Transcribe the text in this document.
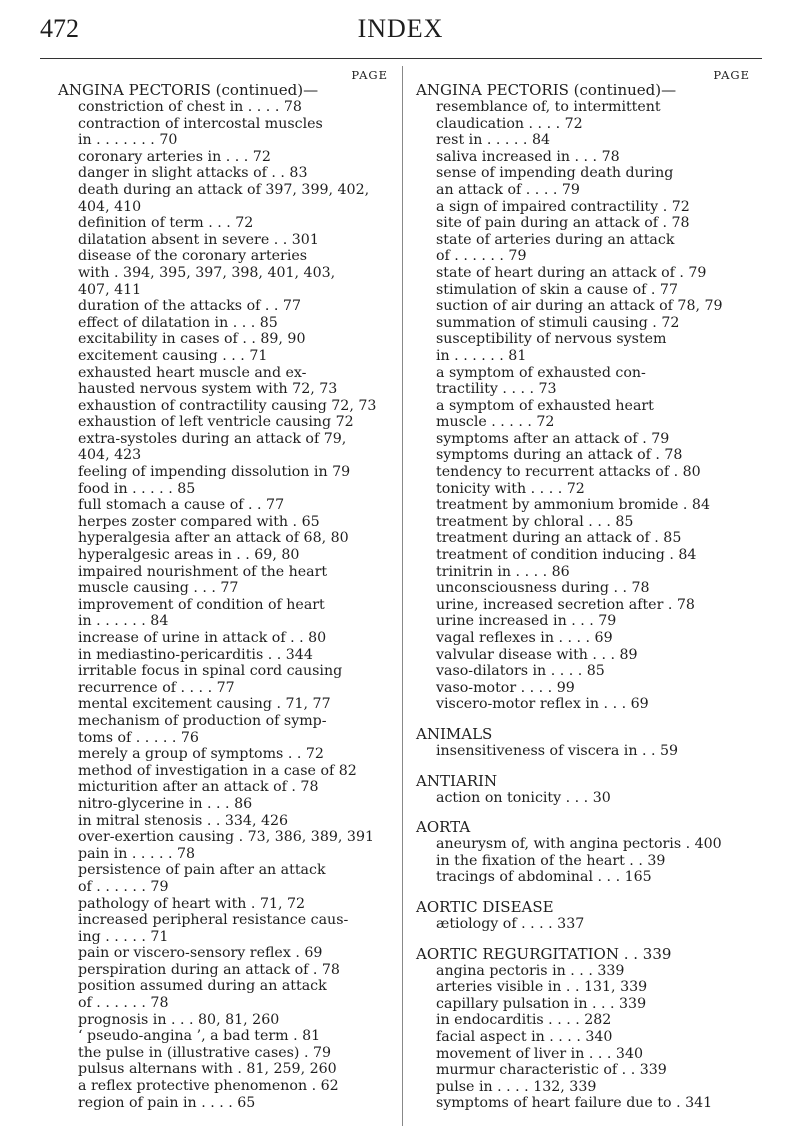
472	INDEX
PAGE
ANGINA PECTORIS (continued)—
constriction of chest in . . . . 78
contraction of intercostal muscles
in . . . . . . . 70
coronary arteries in . . . 72
danger in slight attacks of . . 83
death during an attack of 397, 399, 402,
404, 410
definition of term . . . 72
dilatation absent in severe . . 301
disease of the coronary arteries
with . 394, 395, 397, 398, 401, 403,
407, 411
duration of the attacks of . . 77
effect of dilatation in . . . 85
excitability in cases of . . 89, 90
excitement causing . . . 71
exhausted heart muscle and ex-
hausted nervous system with 72, 73
exhaustion of contractility causing 72, 73
exhaustion of left ventricle causing 72
extra-systoles during an attack of 79,
404, 423
feeling of impending dissolution in 79
food in . . . . . 85
full stomach a cause of . . 77
herpes zoster compared with . 65
hyperalgesia after an attack of 68, 80
hyperalgesic areas in . . 69, 80
impaired nourishment of the heart
muscle causing . . . 77
improvement of condition of heart
in . . . . . . 84
increase of urine in attack of . . 80
in mediastino-pericarditis . . 344
irritable focus in spinal cord causing
recurrence of . . . . 77
mental excitement causing . 71, 77
mechanism of production of symp-
toms of . . . . . 76
merely a group of symptoms . . 72
method of investigation in a case of 82
micturition after an attack of . 78
nitro-glycerine in . . . 86
in mitral stenosis . . 334, 426
over-exertion causing . 73, 386, 389, 391
pain in . . . . . 78
persistence of pain after an attack
of . . . . . . 79
pathology of heart with . 71, 72
increased peripheral resistance caus-
ing . . . . . 71
pain or viscero-sensory reflex . 69
perspiration during an attack of . 78
position assumed during an attack
of . . . . . . 78
prognosis in . . . 80, 81, 260
‘ pseudo-angina ’, a bad term . 81
the pulse in (illustrative cases) . 79
pulsus alternans with . 81, 259, 260
a reflex protective phenomenon . 62
region of pain in . . . . 65
PAGE
ANGINA PECTORIS (continued)—
resemblance of, to intermittent
claudication . . . . 72
rest in . . . . . 84
saliva increased in . . . 78
sense of impending death during
an attack of . . . . 79
a sign of impaired contractility . 72
site of pain during an attack of . 78
state of arteries during an attack
of . . . . . . 79
state of heart during an attack of . 79
stimulation of skin a cause of . 77
suction of air during an attack of 78, 79
summation of stimuli causing . 72
susceptibility of nervous system
in . . . . . . 81
a symptom of exhausted con-
tractility . . . . 73
a symptom of exhausted heart
muscle . . . . . 72
symptoms after an attack of . 79
symptoms during an attack of . 78
tendency to recurrent attacks of . 80
tonicity with . . . . 72
treatment by ammonium bromide . 84
treatment by chloral . . . 85
treatment during an attack of . 85
treatment of condition inducing . 84
trinitrin in . . . . 86
unconsciousness during . . 78
urine, increased secretion after . 78
urine increased in . . . 79
vagal reflexes in . . . . 69
valvular disease with . . . 89
vaso-dilators in . . . . 85
vaso-motor . . . . 99
viscero-motor reflex in . . . 69
ANIMALS
insensitiveness of viscera in . . 59
ANTIARIN
action on tonicity . . . 30
AORTA
aneurysm of, with angina pectoris . 400
in the fixation of the heart . . 39
tracings of abdominal . . . 165
AORTIC DISEASE
ætiology of . . . . 337
AORTIC REGURGITATION . . 339
angina pectoris in . . . 339
arteries visible in . . 131, 339
capillary pulsation in . . . 339
in endocarditis . . . . 282
facial aspect in . . . . 340
movement of liver in . . . 340
murmur characteristic of . . 339
pulse in . . . . 132, 339
symptoms of heart failure due to . 341
